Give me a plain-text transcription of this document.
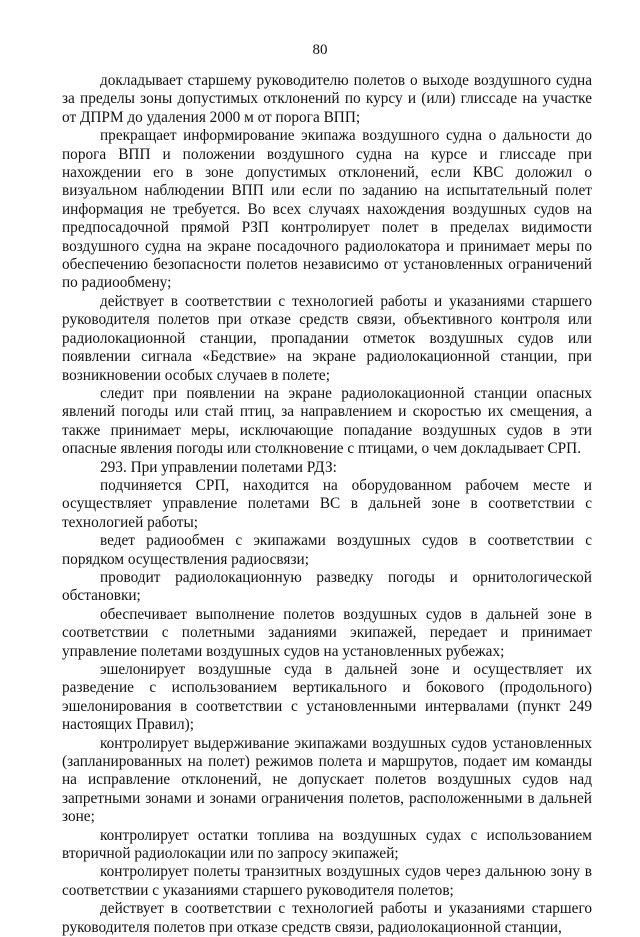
80

докладывает старшему руководителю полетов о выходе воздушного судна за пределы зоны допустимых отклонений по курсу и (или) глиссаде на участке от ДПРМ до удаления 2000 м от порога ВПП;

прекращает информирование экипажа воздушного судна о дальности до порога ВПП и положении воздушного судна на курсе и глиссаде при нахождении его в зоне допустимых отклонений, если КВС доложил о визуальном наблюдении ВПП или если по заданию на испытательный полет информация не требуется. Во всех случаях нахождения воздушных судов на предпосадочной прямой РЗП контролирует полет в пределах видимости воздушного судна на экране посадочного радиолокатора и принимает меры по обеспечению безопасности полетов независимо от установленных ограничений по радиообмену;

действует в соответствии с технологией работы и указаниями старшего руководителя полетов при отказе средств связи, объективного контроля или радиолокационной станции, пропадании отметок воздушных судов или появлении сигнала «Бедствие» на экране радиолокационной станции, при возникновении особых случаев в полете;

следит при появлении на экране радиолокационной станции опасных явлений погоды или стай птиц, за направлением и скоростью их смещения, а также принимает меры, исключающие попадание воздушных судов в эти опасные явления погоды или столкновение с птицами, о чем докладывает СРП.

293. При управлении полетами РДЗ:

подчиняется СРП, находится на оборудованном рабочем месте и осуществляет управление полетами ВС в дальней зоне в соответствии с технологией работы;

ведет радиообмен с экипажами воздушных судов в соответствии с порядком осуществления радиосвязи;

проводит радиолокационную разведку погоды и орнитологической обстановки;

обеспечивает выполнение полетов воздушных судов в дальней зоне в соответствии с полетными заданиями экипажей, передает и принимает управление полетами воздушных судов на установленных рубежах;

эшелонирует воздушные суда в дальней зоне и осуществляет их разведение с использованием вертикального и бокового (продольного) эшелонирования в соответствии с установленными интервалами (пункт 249 настоящих Правил);

контролирует выдерживание экипажами воздушных судов установленных (запланированных на полет) режимов полета и маршрутов, подает им команды на исправление отклонений, не допускает полетов воздушных судов над запретными зонами и зонами ограничения полетов, расположенными в дальней зоне;

контролирует остатки топлива на воздушных судах с использованием вторичной радиолокации или по запросу экипажей;

контролирует полеты транзитных воздушных судов через дальнюю зону в соответствии с указаниями старшего руководителя полетов;

действует в соответствии с технологией работы и указаниями старшего руководителя полетов при отказе средств связи, радиолокационной станции,
